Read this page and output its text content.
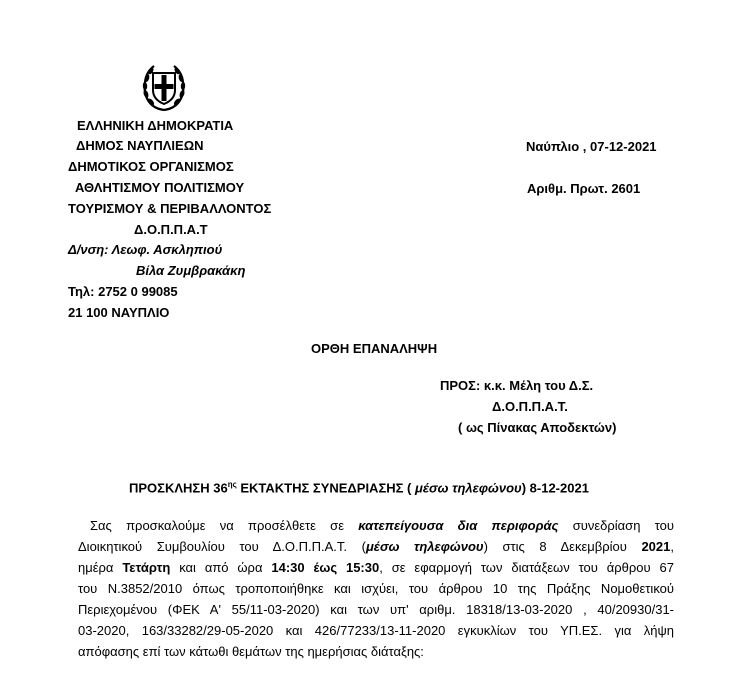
ΕΛΛΗΝΙΚΗ ΔΗΜΟΚΡΑΤΙΑ
ΔΗΜΟΣ ΝΑΥΠΛΙΕΩΝ
ΔΗΜΟΤΙΚΟΣ ΟΡΓΑΝΙΣΜΟΣ
ΑΘΛΗΤΙΣΜΟΥ ΠΟΛΙΤΙΣΜΟΥ
ΤΟΥΡΙΣΜΟΥ & ΠΕΡΙΒΑΛΛΟΝΤΟΣ
Δ.Ο.Π.Π.Α.Τ
Δ/νση: Λεωφ. Ασκληπιού
Βίλα Ζυμβρακάκη
Τηλ: 2752 0 99085
21 100 ΝΑΥΠΛΙΟ
Ναύπλιο , 07-12-2021
Αριθμ. Πρωτ. 2601
ΟΡΘΗ ΕΠΑΝΑΛΗΨΗ
ΠΡΟΣ: κ.κ. Μέλη του Δ.Σ.
Δ.Ο.Π.Π.Α.Τ.
( ως Πίνακας Αποδεκτών)
ΠΡΟΣΚΛΗΣΗ $36^{\eta\varsigma}$ ΕΚΤΑΚΤΗΣ ΣΥΝΕΔΡΙΑΣΗΣ ( μέσω τηλεφώνου) 8-12-2021
Σας προσκαλούμε να προσέλθετε σε κατεπείγουσα δια περιφοράς συνεδρίαση του
Διοικητικού Συμβουλίου του Δ.Ο.Π.Π.Α.Τ. (μέσω τηλεφώνου) στις 8 Δεκεμβρίου 2021,
ημέρα Τετάρτη και από ώρα 14:30 έως 15:30, σε εφαρμογή των διατάξεων του άρθρου 67
του Ν.3852/2010 όπως τροποποιήθηκε και ισχύει, του άρθρου 10 της Πράξης Νομοθετικού
Περιεχομένου (ΦΕΚ Α' 55/11-03-2020) και των υπ' αριθμ. 18318/13-03-2020 , 40/20930/31-
03-2020, 163/33282/29-05-2020 και 426/77233/13-11-2020 εγκυκλίων του ΥΠ.ΕΣ. για λήψη
απόφασης επί των κάτωθι θεμάτων της ημερήσιας διάταξης:
